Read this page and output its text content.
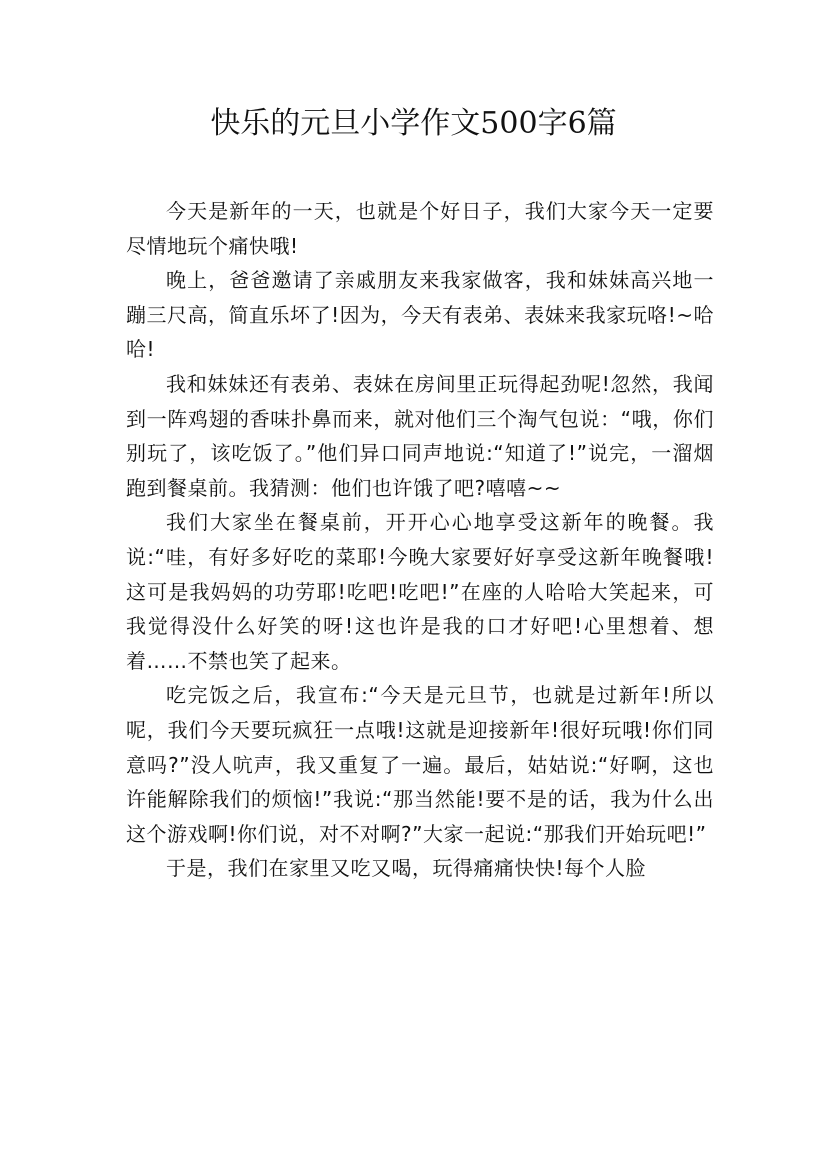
快乐的元旦小学作文500字6篇

今天是新年的一天，也就是个好日子，我们大家今天一定要尽情地玩个痛快哦!

晚上，爸爸邀请了亲戚朋友来我家做客，我和妹妹高兴地一蹦三尺高，简直乐坏了!因为，今天有表弟、表妹来我家玩咯!~哈哈!

我和妹妹还有表弟、表妹在房间里正玩得起劲呢!忽然，我闻到一阵鸡翅的香味扑鼻而来，就对他们三个淘气包说：“哦，你们别玩了，该吃饭了。”他们异口同声地说:“知道了!”说完，一溜烟跑到餐桌前。我猜测：他们也许饿了吧?嘻嘻~~

我们大家坐在餐桌前，开开心心地享受这新年的晚餐。我说:“哇，有好多好吃的菜耶!今晚大家要好好享受这新年晚餐哦!这可是我妈妈的功劳耶!吃吧!吃吧!”在座的人哈哈大笑起来，可我觉得没什么好笑的呀!这也许是我的口才好吧!心里想着、想着……不禁也笑了起来。

吃完饭之后，我宣布:“今天是元旦节，也就是过新年!所以呢，我们今天要玩疯狂一点哦!这就是迎接新年!很好玩哦!你们同意吗?”没人吭声，我又重复了一遍。最后，姑姑说:“好啊，这也许能解除我们的烦恼!”我说:“那当然能!要不是的话，我为什么出这个游戏啊!你们说，对不对啊?”大家一起说:“那我们开始玩吧!”

于是，我们在家里又吃又喝，玩得痛痛快快!每个人脸
